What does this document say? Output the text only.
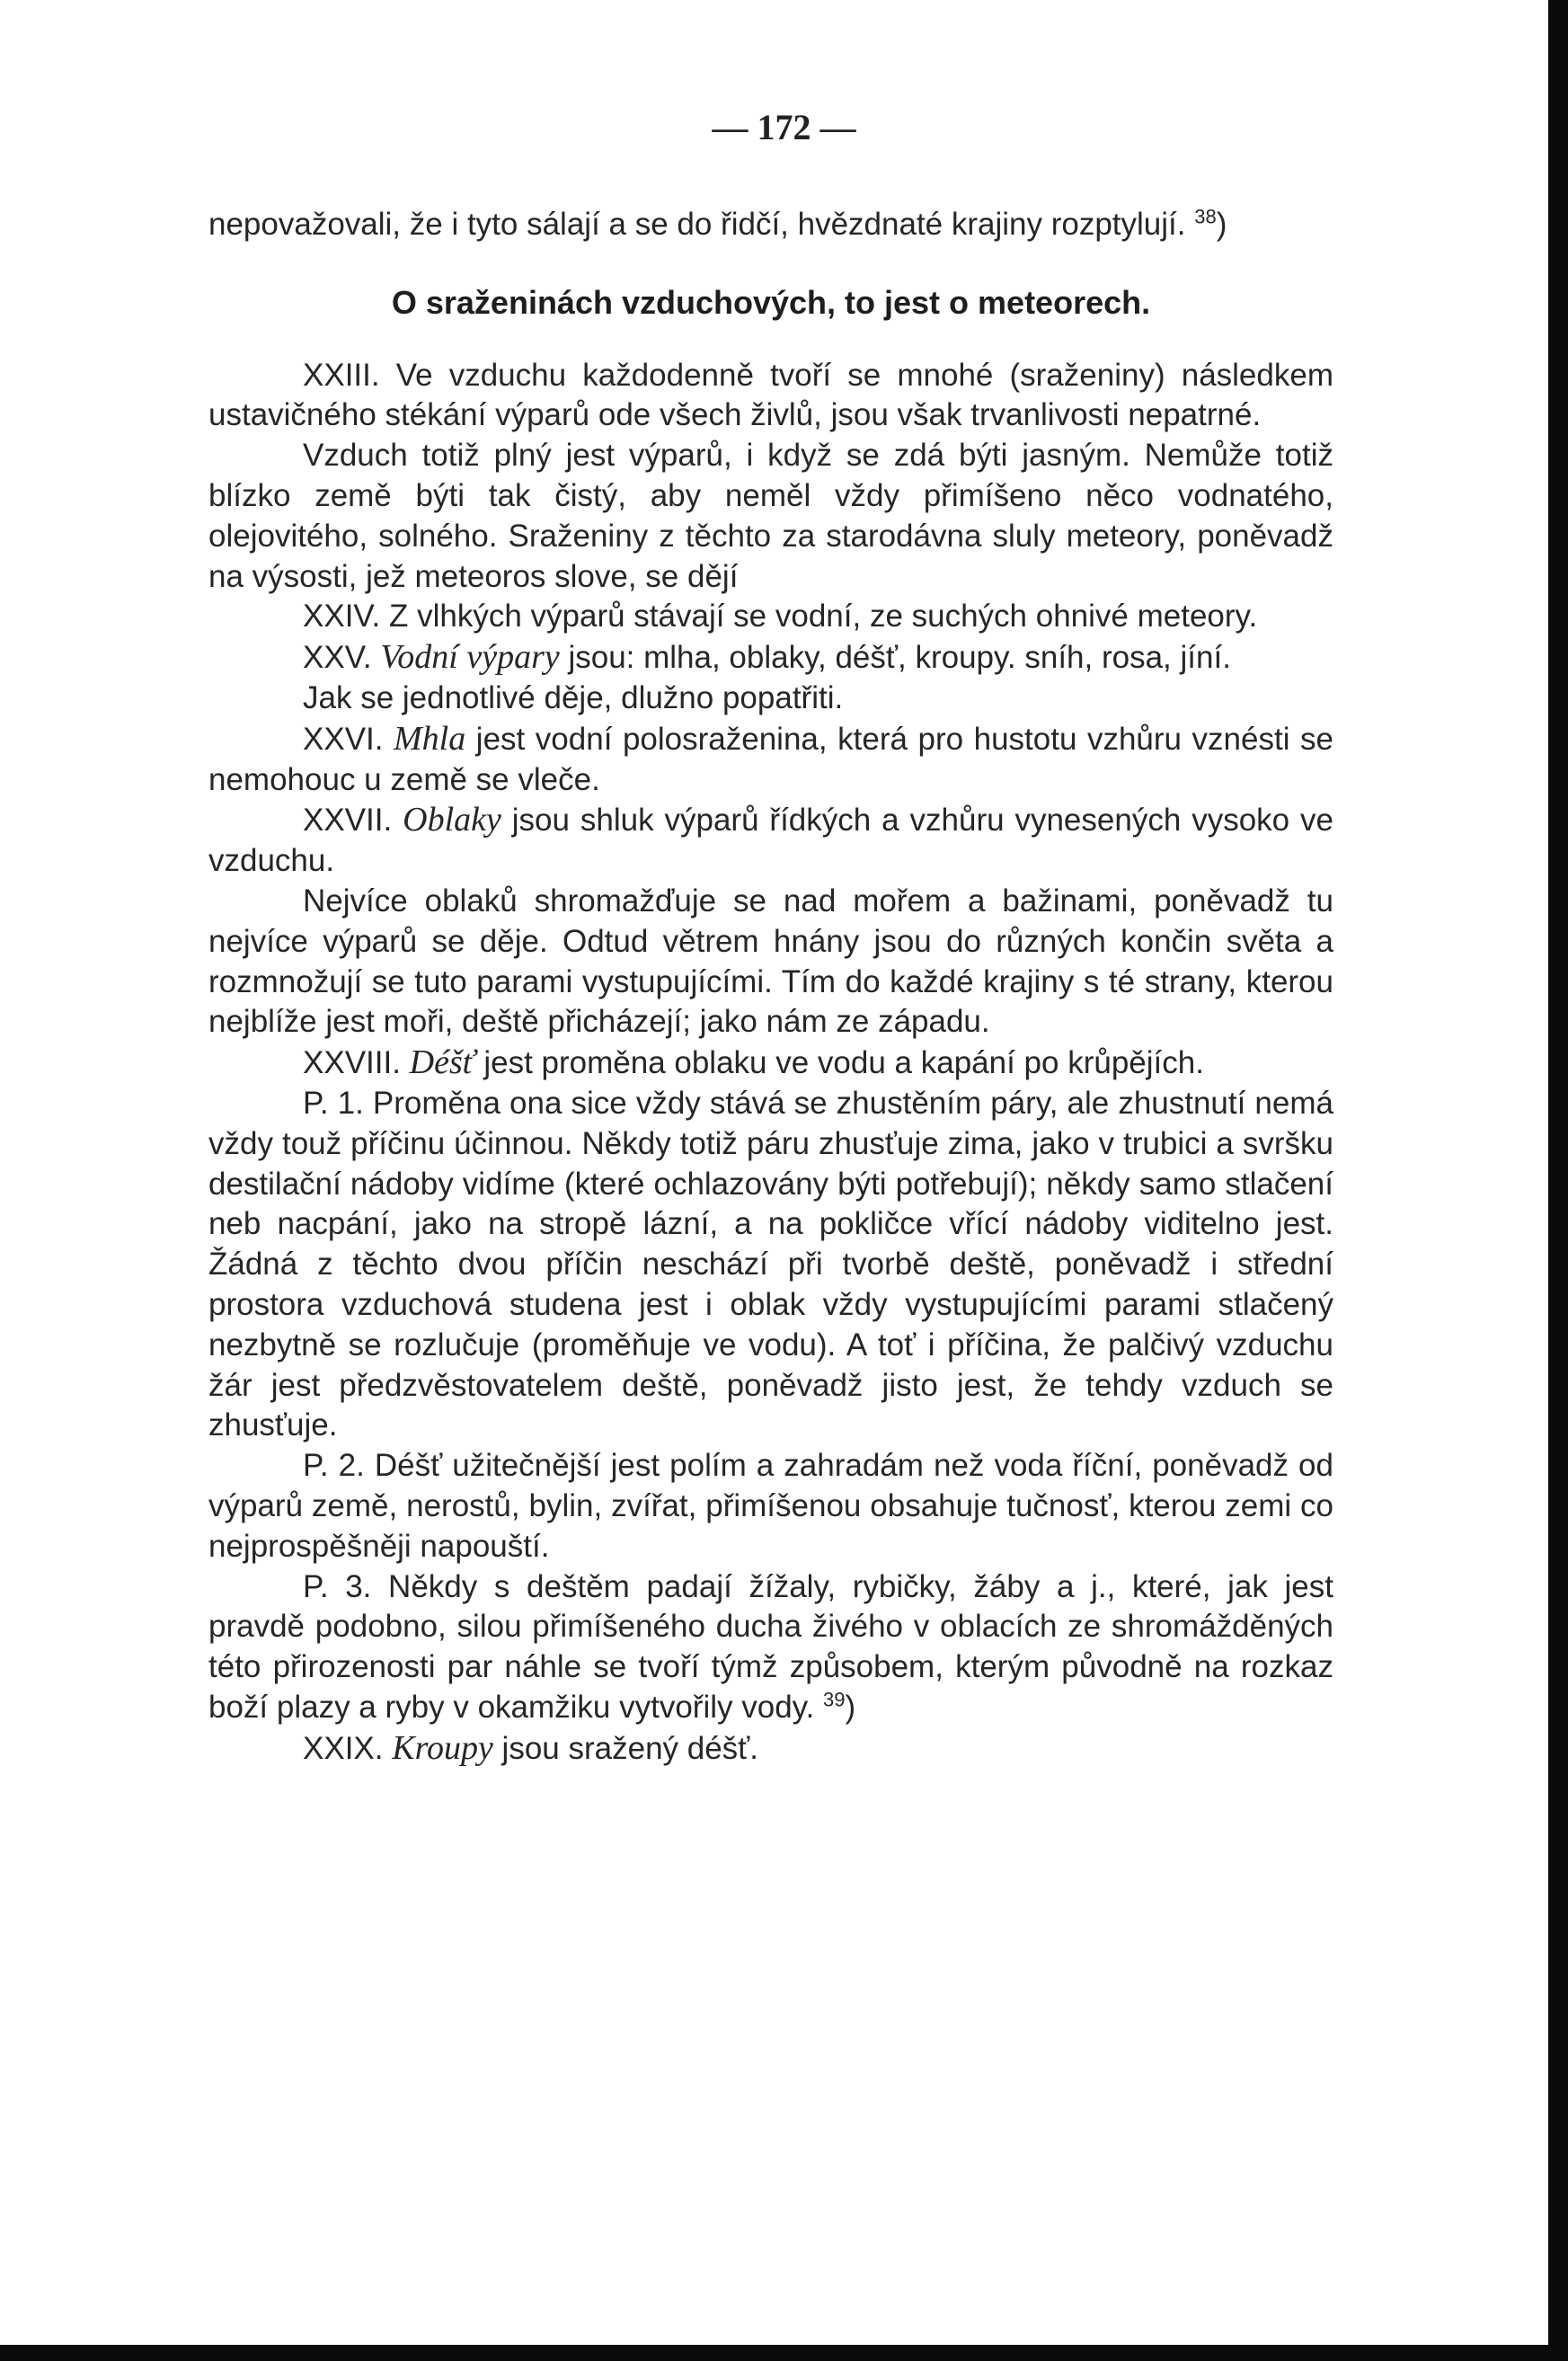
— 172 —

nepovažovali, že i tyto sálají a se do řidčí, hvězdnaté krajiny rozptylují. $^{38}$)

O sraženinách vzduchových, to jest o meteorech.

XXIII. Ve vzduchu každodenně tvoří se mnohé (sraženiny) následkem ustavičného stékání výparů ode všech živlů, jsou však trvanlivosti nepatrné.

Vzduch totiž plný jest výparů, i když se zdá býti jasným. Nemůže totiž blízko země býti tak čistý, aby neměl vždy přimíšeno něco vodnatého, olejovitého, solného. Sraženiny z těchto za starodávna sluly meteory, poněvadž na výsosti, jež meteoros slove, se dějí

XXIV. Z vlhkých výparů stávají se vodní, ze suchých ohnivé meteory.

XXV. Vodní výpary jsou: mlha, oblaky, déšť, kroupy. sníh, rosa, jíní.

Jak se jednotlivé děje, dlužno popatřiti.

XXVI. Mhla jest vodní polosraženina, která pro hustotu vzhůru vznésti se nemohouc u země se vleče.

XXVII. Oblaky jsou shluk výparů řídkých a vzhůru vynesených vysoko ve vzduchu.

Nejvíce oblaků shromažďuje se nad mořem a bažinami, poněvadž tu nejvíce výparů se děje. Odtud větrem hnány jsou do různých končin světa a rozmnožují se tuto parami vystupujícími. Tím do každé krajiny s té strany, kterou nejblíže jest moři, deště přicházejí; jako nám ze západu.

XXVIII. Déšť jest proměna oblaku ve vodu a kapání po krůpějích.

P. 1. Proměna ona sice vždy stává se zhustěním páry, ale zhustnutí nemá vždy touž příčinu účinnou. Někdy totiž páru zhusťuje zima, jako v trubici a svršku destilační nádoby vidíme (které ochlazovány býti potřebují); někdy samo stlačení neb nacpání, jako na stropě lázní, a na pokličce vřící nádoby viditelno jest. Žádná z těchto dvou příčin neschází při tvorbě deště, poněvadž i střední prostora vzduchová studena jest i oblak vždy vystupujícími parami stlačený nezbytně se rozlučuje (proměňuje ve vodu). A toť i příčina, že palčivý vzduchu žár jest předzvěstovatelem deště, poněvadž jisto jest, že tehdy vzduch se zhusťuje.

P. 2. Déšť užitečnější jest polím a zahradám než voda říční, poněvadž od výparů země, nerostů, bylin, zvířat, přimíšenou obsahuje tučnosť, kterou zemi co nejprospěšněji napouští.

P. 3. Někdy s deštěm padají žížaly, rybičky, žáby a j., které, jak jest pravdě podobno, silou přimíšeného ducha živého v oblacích ze shromážděných této přirozenosti par náhle se tvoří týmž způsobem, kterým původně na rozkaz boží plazy a ryby v okamžiku vytvořily vody. $^{39}$)

XXIX. Kroupy jsou sražený déšť.
